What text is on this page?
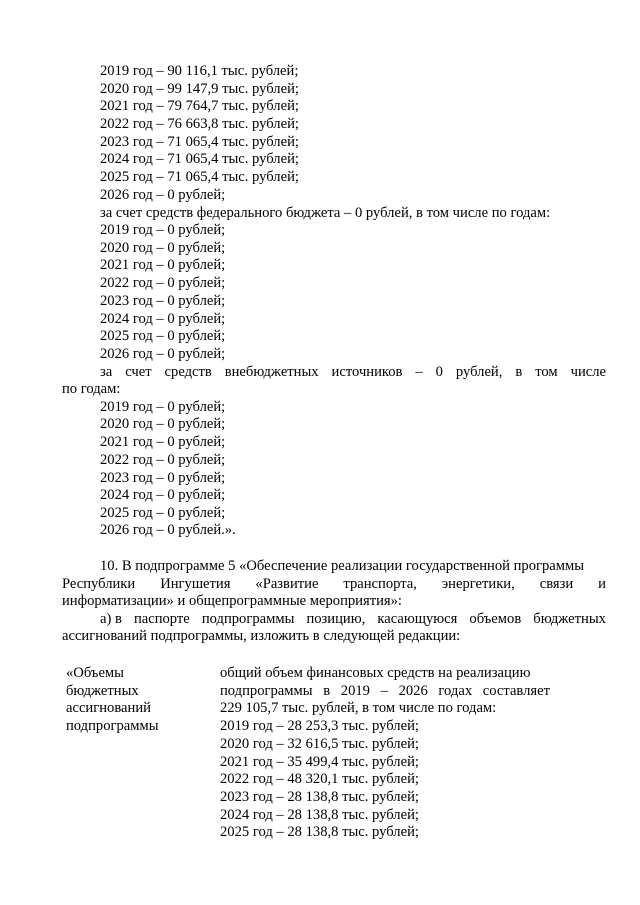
2019 год – 90 116,1 тыс. рублей;
2020 год – 99 147,9 тыс. рублей;
2021 год – 79 764,7 тыс. рублей;
2022 год – 76 663,8 тыс. рублей;
2023 год – 71 065,4 тыс. рублей;
2024 год – 71 065,4 тыс. рублей;
2025 год – 71 065,4 тыс. рублей;
2026 год – 0 рублей;
за счет средств федерального бюджета – 0 рублей, в том числе по годам:
2019 год – 0 рублей;
2020 год – 0 рублей;
2021 год – 0 рублей;
2022 год – 0 рублей;
2023 год – 0 рублей;
2024 год – 0 рублей;
2025 год – 0 рублей;
2026 год – 0 рублей;
за счет средств внебюджетных источников – 0 рублей, в том числе
по годам:
2019 год – 0 рублей;
2020 год – 0 рублей;
2021 год – 0 рублей;
2022 год – 0 рублей;
2023 год – 0 рублей;
2024 год – 0 рублей;
2025 год – 0 рублей;
2026 год – 0 рублей.».
10. В подпрограмме 5 «Обеспечение реализации государственной программы
Республики Ингушетия «Развитие транспорта, энергетики, связи и
информатизации» и общепрограммные мероприятия»:
а) в паспорте подпрограммы позицию, касающуюся объемов бюджетных
ассигнований подпрограммы, изложить в следующей редакции:
«Объемы
бюджетных
ассигнований
подпрограммы
общий объем финансовых средств на реализацию
подпрограммы в 2019 – 2026 годах составляет
229 105,7 тыс. рублей, в том числе по годам:
2019 год – 28 253,3 тыс. рублей;
2020 год – 32 616,5 тыс. рублей;
2021 год – 35 499,4 тыс. рублей;
2022 год – 48 320,1 тыс. рублей;
2023 год – 28 138,8 тыс. рублей;
2024 год – 28 138,8 тыс. рублей;
2025 год – 28 138,8 тыс. рублей;
